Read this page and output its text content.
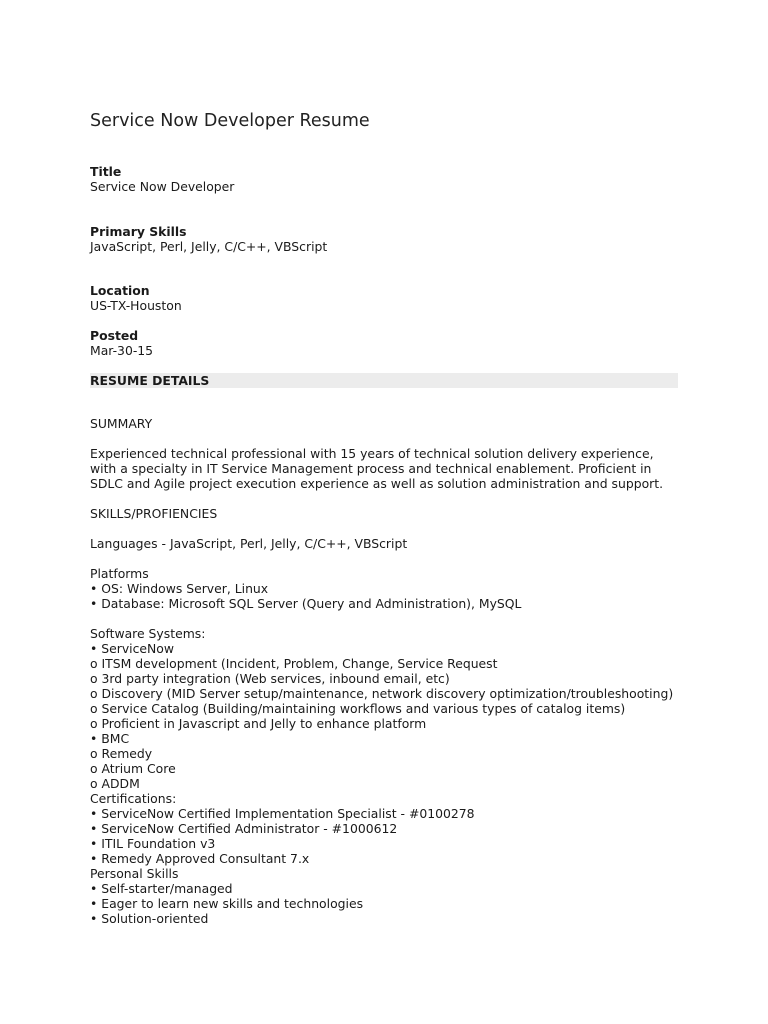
Service Now Developer Resume
Title
Service Now Developer
Primary Skills
JavaScript, Perl, Jelly, C/C++, VBScript
Location
US-TX-Houston
Posted
Mar-30-15
RESUME DETAILS
SUMMARY
Experienced technical professional with 15 years of technical solution delivery experience, with a specialty in IT Service Management process and technical enablement. Proficient in SDLC and Agile project execution experience as well as solution administration and support.
SKILLS/PROFIENCIES
Languages - JavaScript, Perl, Jelly, C/C++, VBScript
Platforms
• OS: Windows Server, Linux
• Database: Microsoft SQL Server (Query and Administration), MySQL
Software Systems:
• ServiceNow
o ITSM development (Incident, Problem, Change, Service Request
o 3rd party integration (Web services, inbound email, etc)
o Discovery (MID Server setup/maintenance, network discovery optimization/troubleshooting)
o Service Catalog (Building/maintaining workflows and various types of catalog items)
o Proficient in Javascript and Jelly to enhance platform
• BMC
o Remedy
o Atrium Core
o ADDM
Certifications:
• ServiceNow Certified Implementation Specialist - #0100278
• ServiceNow Certified Administrator - #1000612
• ITIL Foundation v3
• Remedy Approved Consultant 7.x
Personal Skills
• Self-starter/managed
• Eager to learn new skills and technologies
• Solution-oriented
